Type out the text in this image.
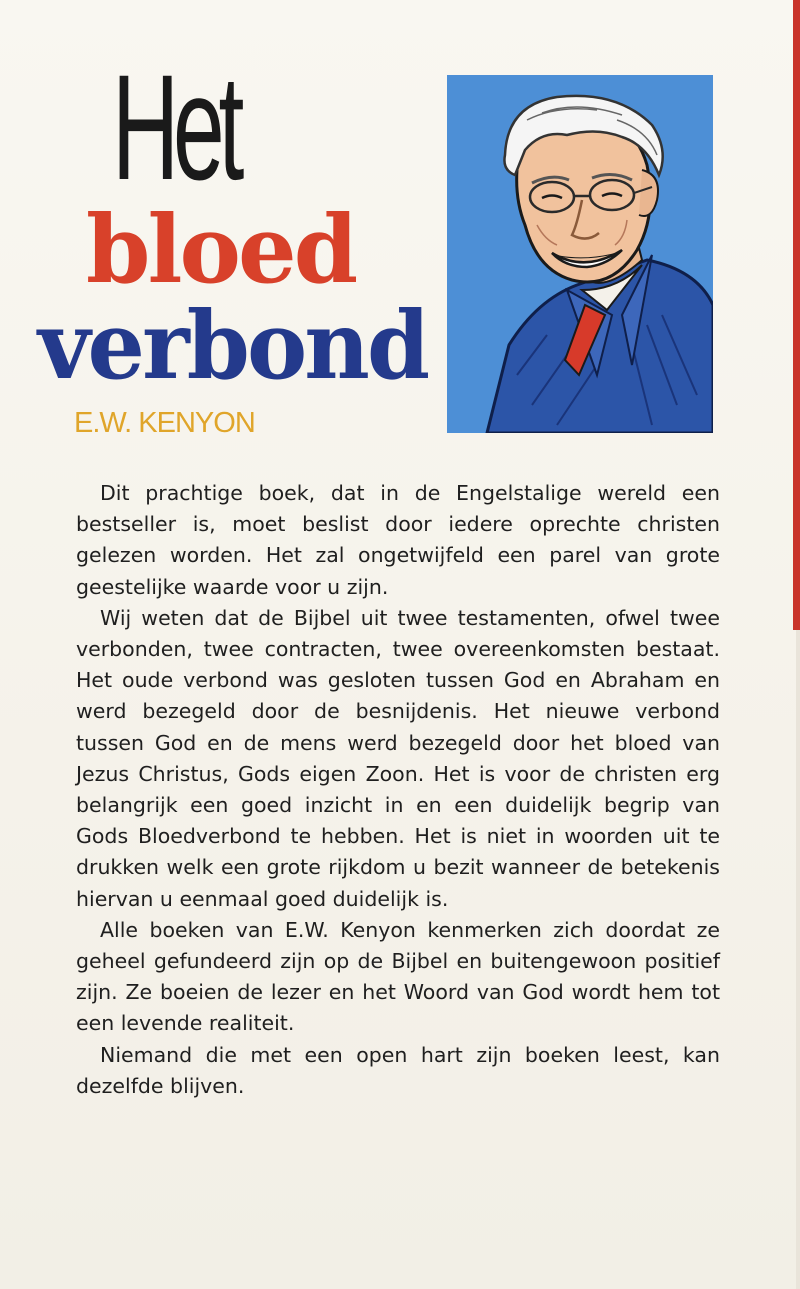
Het
bloed
verbond
E.W. KENYON

Dit prachtige boek, dat in de Engelstalige wereld een bestseller is, moet beslist door iedere oprechte christen gelezen worden. Het zal ongetwijfeld een parel van grote geestelijke waarde voor u zijn.

Wij weten dat de Bijbel uit twee testamenten, ofwel twee verbonden, twee contracten, twee overeenkomsten bestaat. Het oude verbond was gesloten tussen God en Abraham en werd bezegeld door de besnijdenis. Het nieuwe verbond tussen God en de mens werd bezegeld door het bloed van Jezus Christus, Gods eigen Zoon. Het is voor de christen erg belangrijk een goed inzicht in en een duidelijk begrip van Gods Bloedverbond te hebben. Het is niet in woorden uit te drukken welk een grote rijkdom u bezit wanneer de betekenis hiervan u eenmaal goed duidelijk is.

Alle boeken van E.W. Kenyon kenmerken zich doordat ze geheel gefundeerd zijn op de Bijbel en buitengewoon positief zijn. Ze boeien de lezer en het Woord van God wordt hem tot een levende realiteit.

Niemand die met een open hart zijn boeken leest, kan dezelfde blijven.
